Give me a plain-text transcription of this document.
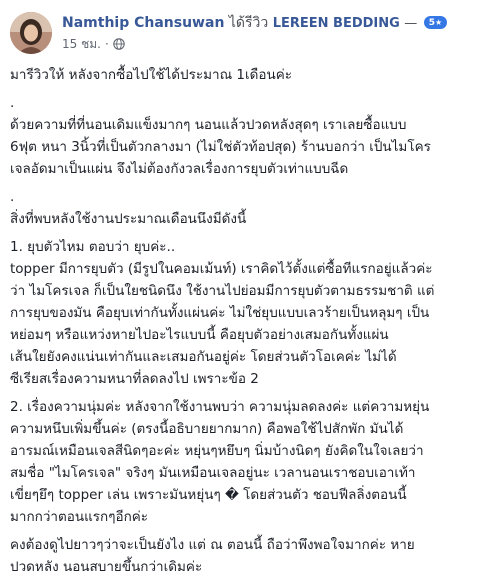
Namthip Chansuwan ได้รีวิว LEREEN BEDDING — 5★
15 ชม. ·

มารีวิวให้ หลังจากซื้อไปใช้ได้ประมาณ 1เดือนค่ะ

.

ด้วยความที่ที่นอนเดิมแข็งมากๆ นอนแล้วปวดหลังสุดๆ เราเลยซื้อแบบ
6ฟุต หนา 3นิ้วที่เป็นตัวกลางมา (ไม่ใช่ตัวท้อปสุด) ร้านบอกว่า เป็นไมโคร
เจลอัดมาเป็นแผ่น จึงไม่ต้องกังวลเรื่องการยุบตัวเท่าแบบฉีด

.

สิ่งที่พบหลังใช้งานประมาณเดือนนึงมีดังนี้

1. ยุบตัวไหม ตอบว่า ยุบค่ะ..
topper มีการยุบตัว (มีรูปในคอมเม้นท์) เราคิดไว้ตั้งแต่ซื้อทีแรกอยู่แล้วค่ะ
ว่า ไมโครเจล ก็เป็นใยชนิดนึง ใช้งานไปย่อมมีการยุบตัวตามธรรมชาติ แต่
การยุบของมัน คือยุบเท่ากันทั้งแผ่นค่ะ ไม่ใช่ยุบแบบเลวร้ายเป็นหลุมๆ เป็น
หย่อมๆ หรือแหว่งหายไปอะไรแบบนี้ คือยุบตัวอย่างเสมอกันทั้งแผ่น
เส้นใยยังคงแน่นเท่ากันและเสมอกันอยู่ค่ะ โดยส่วนตัวโอเคค่ะ ไม่ได้
ซีเรียสเรื่องความหนาที่ลดลงไป เพราะข้อ 2

2. เรื่องความนุ่มค่ะ หลังจากใช้งานพบว่า ความนุ่มลดลงค่ะ แต่ความหยุ่น
ความหนึบเพิ่มขึ้นค่ะ (ตรงนี้อธิบายยากมาก) คือพอใช้ไปสักพัก มันได้
อารมณ์เหมือนเจลสีนิดๆอะค่ะ หยุ่นๆหยึบๆ นิ่มบ้างนิดๆ ยังคิดในใจเลยว่า
สมชื่อ "ไมโครเจล" จริงๆ มันเหมือนเจลอยู่นะ เวลานอนเราชอบเอาเท้า
เขี่ยๆยึๆ topper เล่น เพราะมันหยุ่นๆ � โดยส่วนตัว ชอบฟีลลิ่งตอนนี้
มากกว่าตอนแรกๆอีกค่ะ

คงต้องดูไปยาวๆว่าจะเป็นยังไง แต่ ณ ตอนนี้ ถือว่าพึงพอใจมากค่ะ หาย
ปวดหลัง นอนสบายขึ้นกว่าเดิมค่ะ
